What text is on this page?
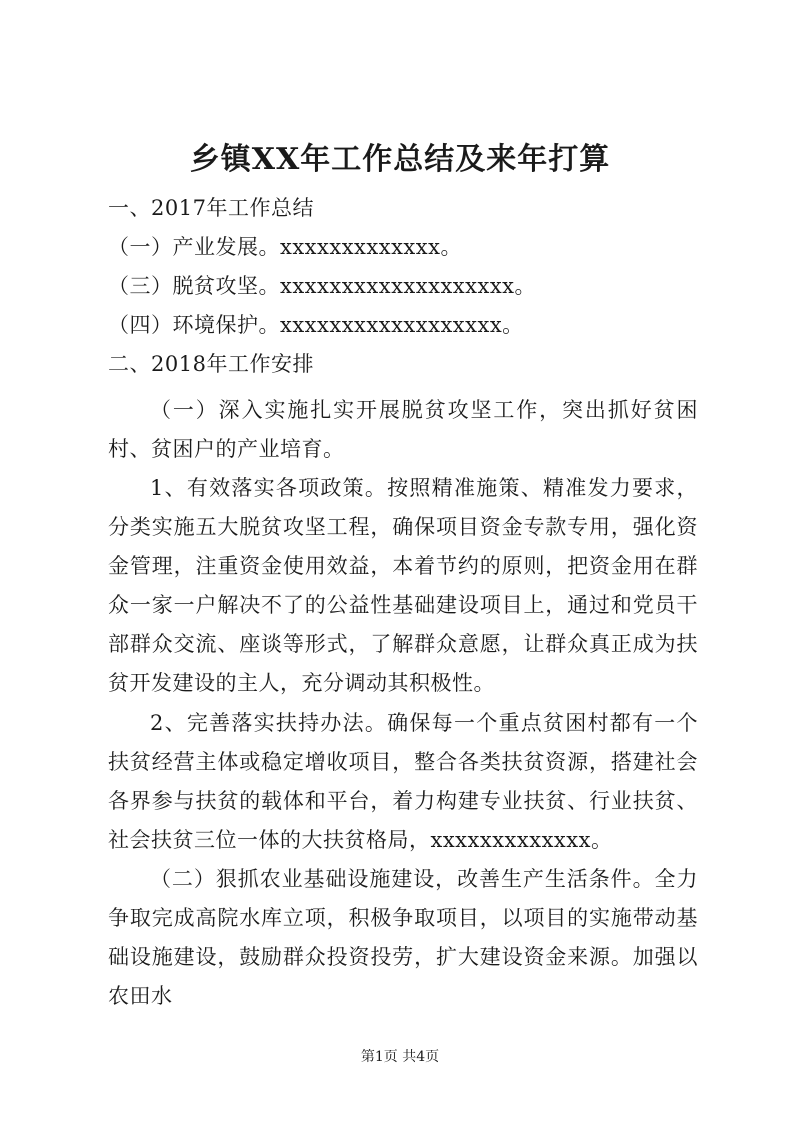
乡镇XX年工作总结及来年打算
一、2017年工作总结
（一）产业发展。xxxxxxxxxxxxx。
（三）脱贫攻坚。xxxxxxxxxxxxxxxxxxx。
（四）环境保护。xxxxxxxxxxxxxxxxxx。
二、2018年工作安排
（一）深入实施扎实开展脱贫攻坚工作，突出抓好贫困村、贫困户的产业培育。
1、有效落实各项政策。按照精准施策、精准发力要求，分类实施五大脱贫攻坚工程，确保项目资金专款专用，强化资金管理，注重资金使用效益，本着节约的原则，把资金用在群众一家一户解决不了的公益性基础建设项目上，通过和党员干部群众交流、座谈等形式，了解群众意愿，让群众真正成为扶贫开发建设的主人，充分调动其积极性。
2、完善落实扶持办法。确保每一个重点贫困村都有一个扶贫经营主体或稳定增收项目，整合各类扶贫资源，搭建社会各界参与扶贫的载体和平台，着力构建专业扶贫、行业扶贫、社会扶贫三位一体的大扶贫格局，xxxxxxxxxxxxx。
（二）狠抓农业基础设施建设，改善生产生活条件。全力争取完成高院水库立项，积极争取项目，以项目的实施带动基础设施建设，鼓励群众投资投劳，扩大建设资金来源。加强以农田水
第1页 共4页
